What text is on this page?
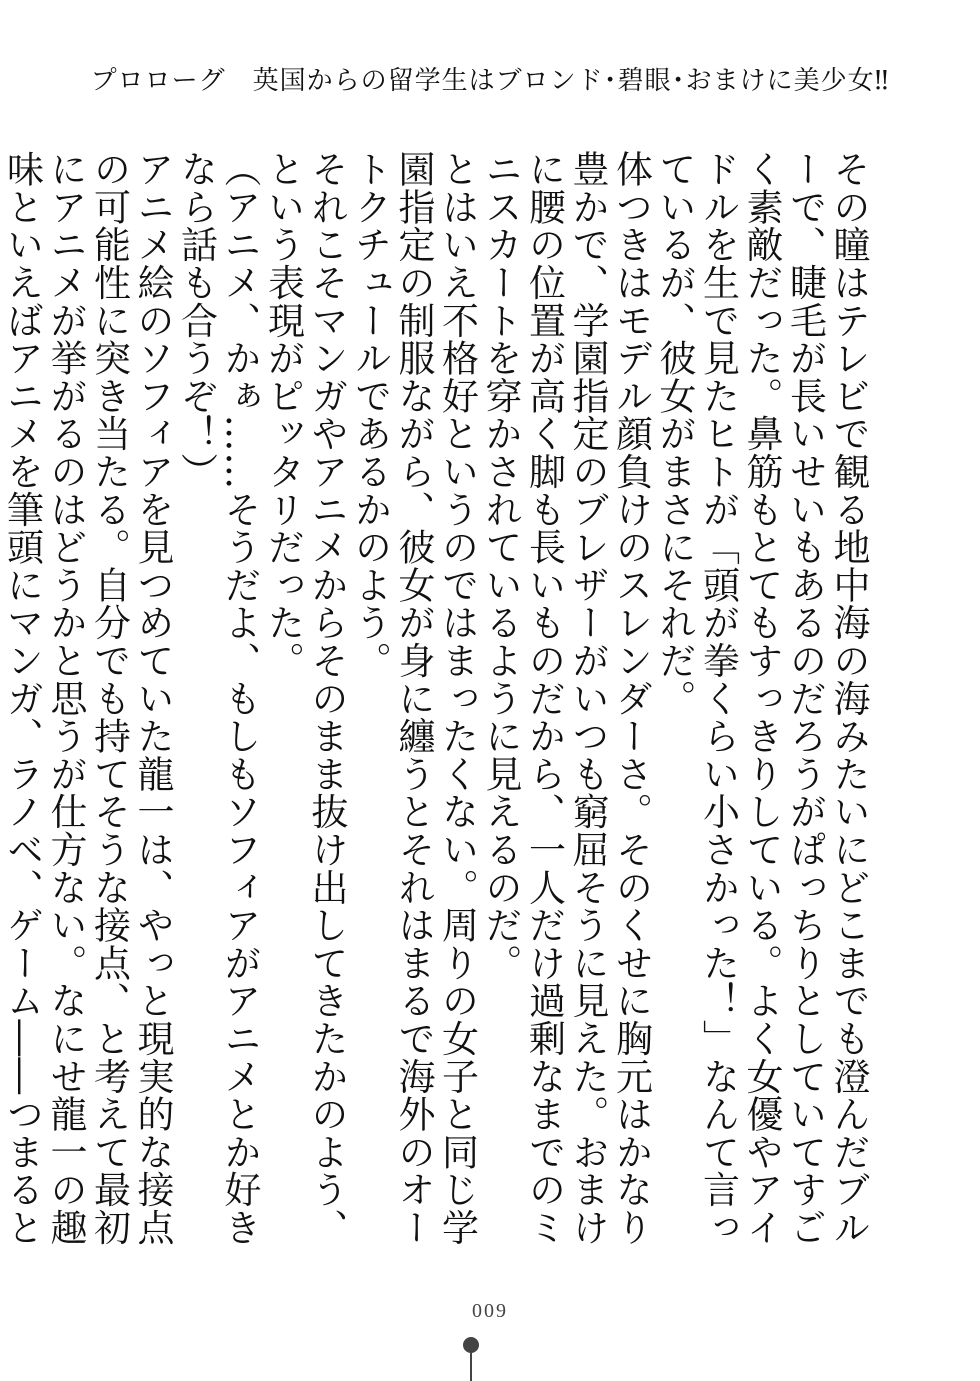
プロローグ　英国からの留学生はブロンド･碧眼･おまけに美少女‼

その瞳はテレビで観る地中海の海みたいにどこまでも澄んだブルーで、睫毛が長いせいもあるのだろうがぱっちりとしていてすごく素敵だった。鼻筋もとてもすっきりしている。よく女優やアイドルを生で見たヒトが「頭が拳くらい小さかった！」なんて言っているが、彼女がまさにそれだ。

体つきはモデル顔負けのスレンダーさ。そのくせに胸元はかなり豊かで、学園指定のブレザーがいつも窮屈そうに見えた。おまけに腰の位置が高く脚も長いものだから、一人だけ過剰なまでのミニスカートを穿かされているように見えるのだ。

とはいえ不格好というのではまったくない。周りの女子と同じ学園指定の制服ながら、彼女が身に纏うとそれはまるで海外のオートクチュールであるかのよう。

それこそマンガやアニメからそのまま抜け出してきたかのよう、という表現がピッタリだった。

（アニメ、かぁ……そうだよ、もしもソフィアがアニメとか好きなら話も合うぞ！）

アニメ絵のソフィアを見つめていた龍一は、やっと現実的な接点の可能性に突き当たる。自分でも持てそうな接点、と考えて最初にアニメが挙がるのはどうかと思うが仕方ない。なにせ龍一の趣味といえばアニメを筆頭にマンガ、ラノベ、ゲーム――つまると

009
